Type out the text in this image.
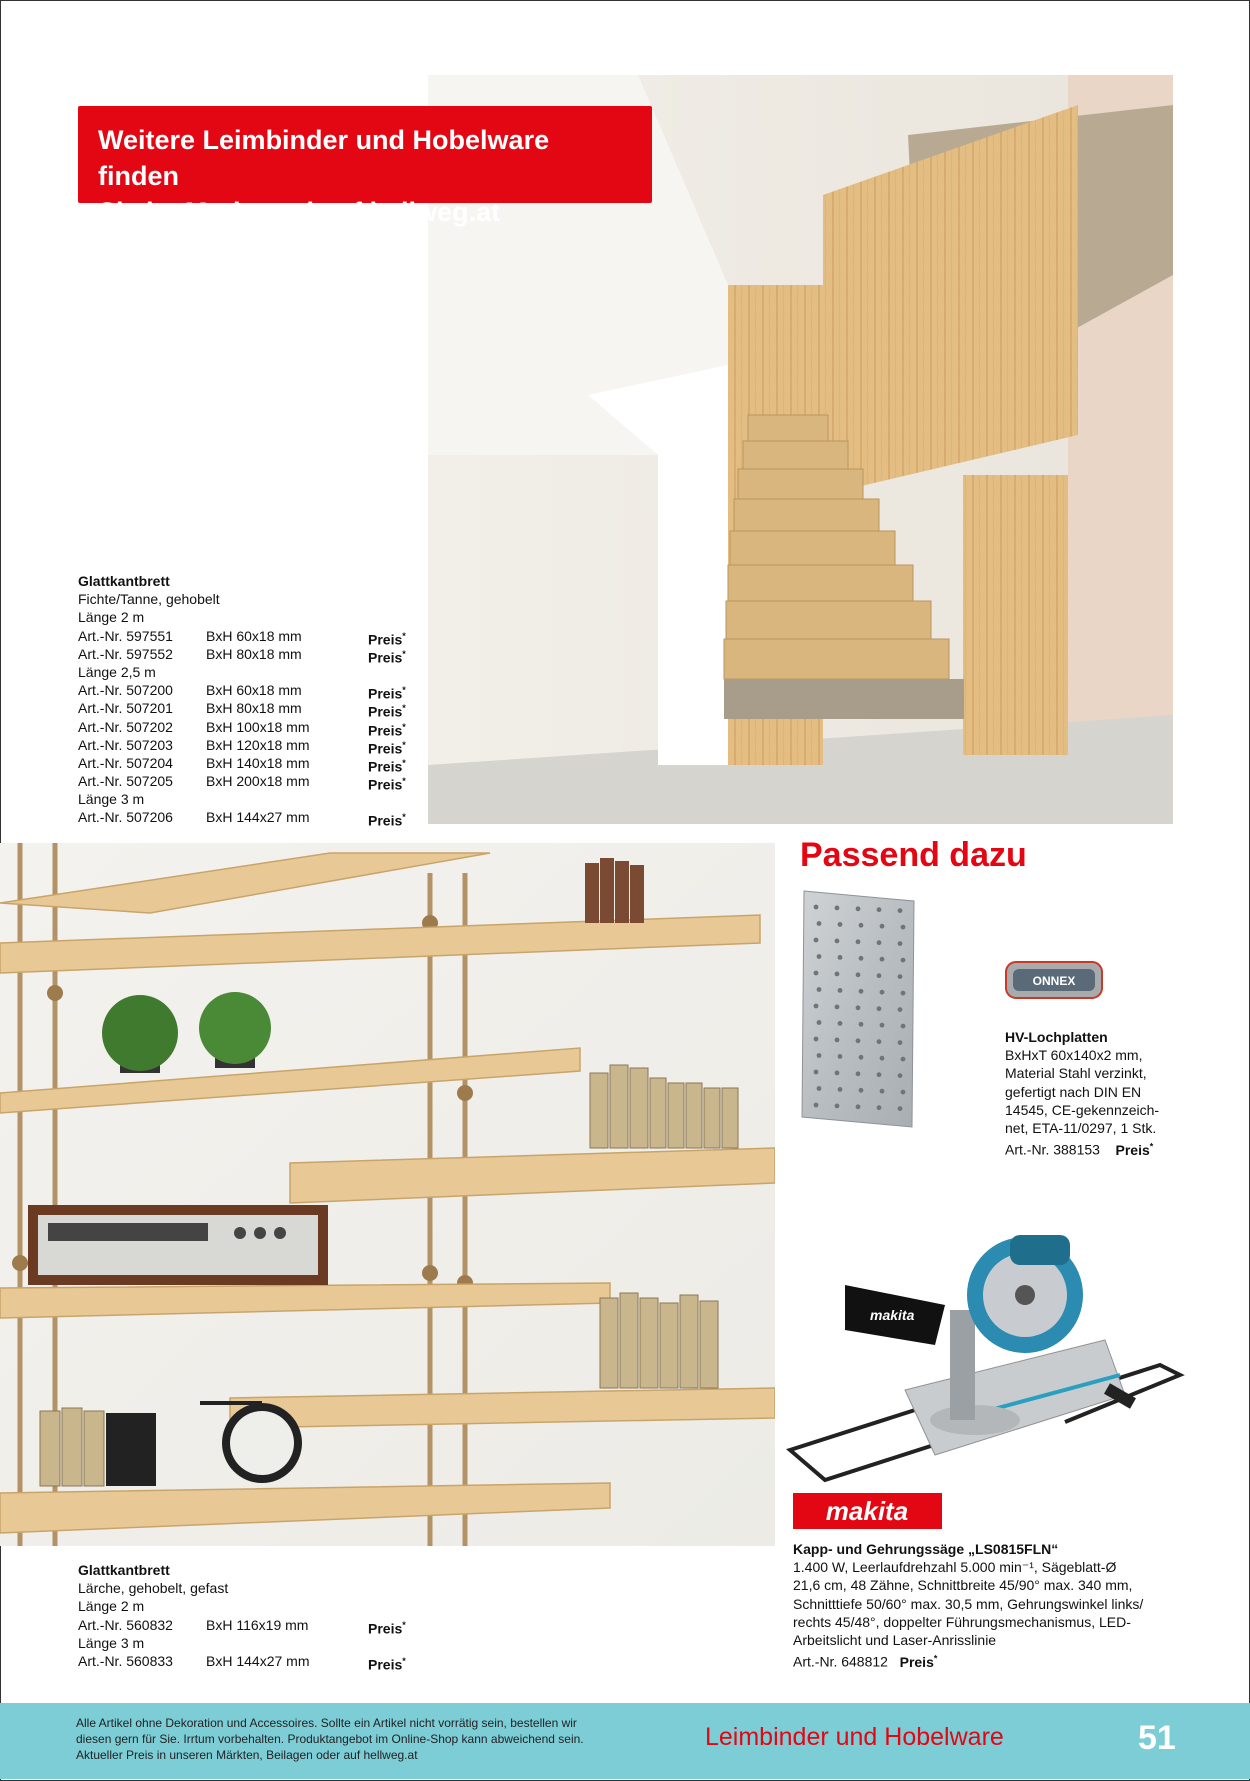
Weitere Leimbinder und Hobelware finden
Sie im Markt und auf hellweg.at
Glattkantbrett
Fichte/Tanne, gehobelt
Länge 2 m
Art.-Nr. 597551 BxH 60x18 mm	Preis*
Art.-Nr. 597552 BxH 80x18 mm	Preis*
Länge 2,5 m
Art.-Nr. 507200 BxH 60x18 mm	Preis*
Art.-Nr. 507201 BxH 80x18 mm	Preis*
Art.-Nr. 507202 BxH 100x18 mm	Preis*
Art.-Nr. 507203 BxH 120x18 mm	Preis*
Art.-Nr. 507204 BxH 140x18 mm	Preis*
Art.-Nr. 507205 BxH 200x18 mm	Preis*
Länge 3 m
Art.-Nr. 507206 BxH 144x27 mm	Preis*
Glattkantbrett
Lärche, gehobelt, gefast
Länge 2 m
Art.-Nr. 560832 BxH 116x19 mm	Preis*
Länge 3 m
Art.-Nr. 560833 BxH 144x27 mm	Preis*
Passend dazu
ONNEX
HV-Lochplatten
BxHxT 60x140x2 mm,
Material Stahl verzinkt,
gefertigt nach DIN EN
14545, CE-gekennzeich-
net, ETA-11/0297, 1 Stk.
Art.-Nr. 388153 Preis*
makita
makita
Kapp- und Gehrungssäge „LS0815FLN“
1.400 W, Leerlaufdrehzahl 5.000 min⁻¹, Sägeblatt-Ø
21,6 cm, 48 Zähne, Schnittbreite 45/90° max. 340 mm,
Schnitttiefe 50/60° max. 30,5 mm, Gehrungswinkel links/
rechts 45/48°, doppelter Führungsmechanismus, LED-
Arbeitslicht und Laser-Anrisslinie
Art.-Nr. 648812 Preis*
Alle Artikel ohne Dekoration und Accessoires. Sollte ein Artikel nicht vorrätig sein, bestellen wir
diesen gern für Sie. Irrtum vorbehalten. Produktangebot im Online-Shop kann abweichend sein.
Aktueller Preis in unseren Märkten, Beilagen oder auf hellweg.at
Leimbinder und Hobelware	51
